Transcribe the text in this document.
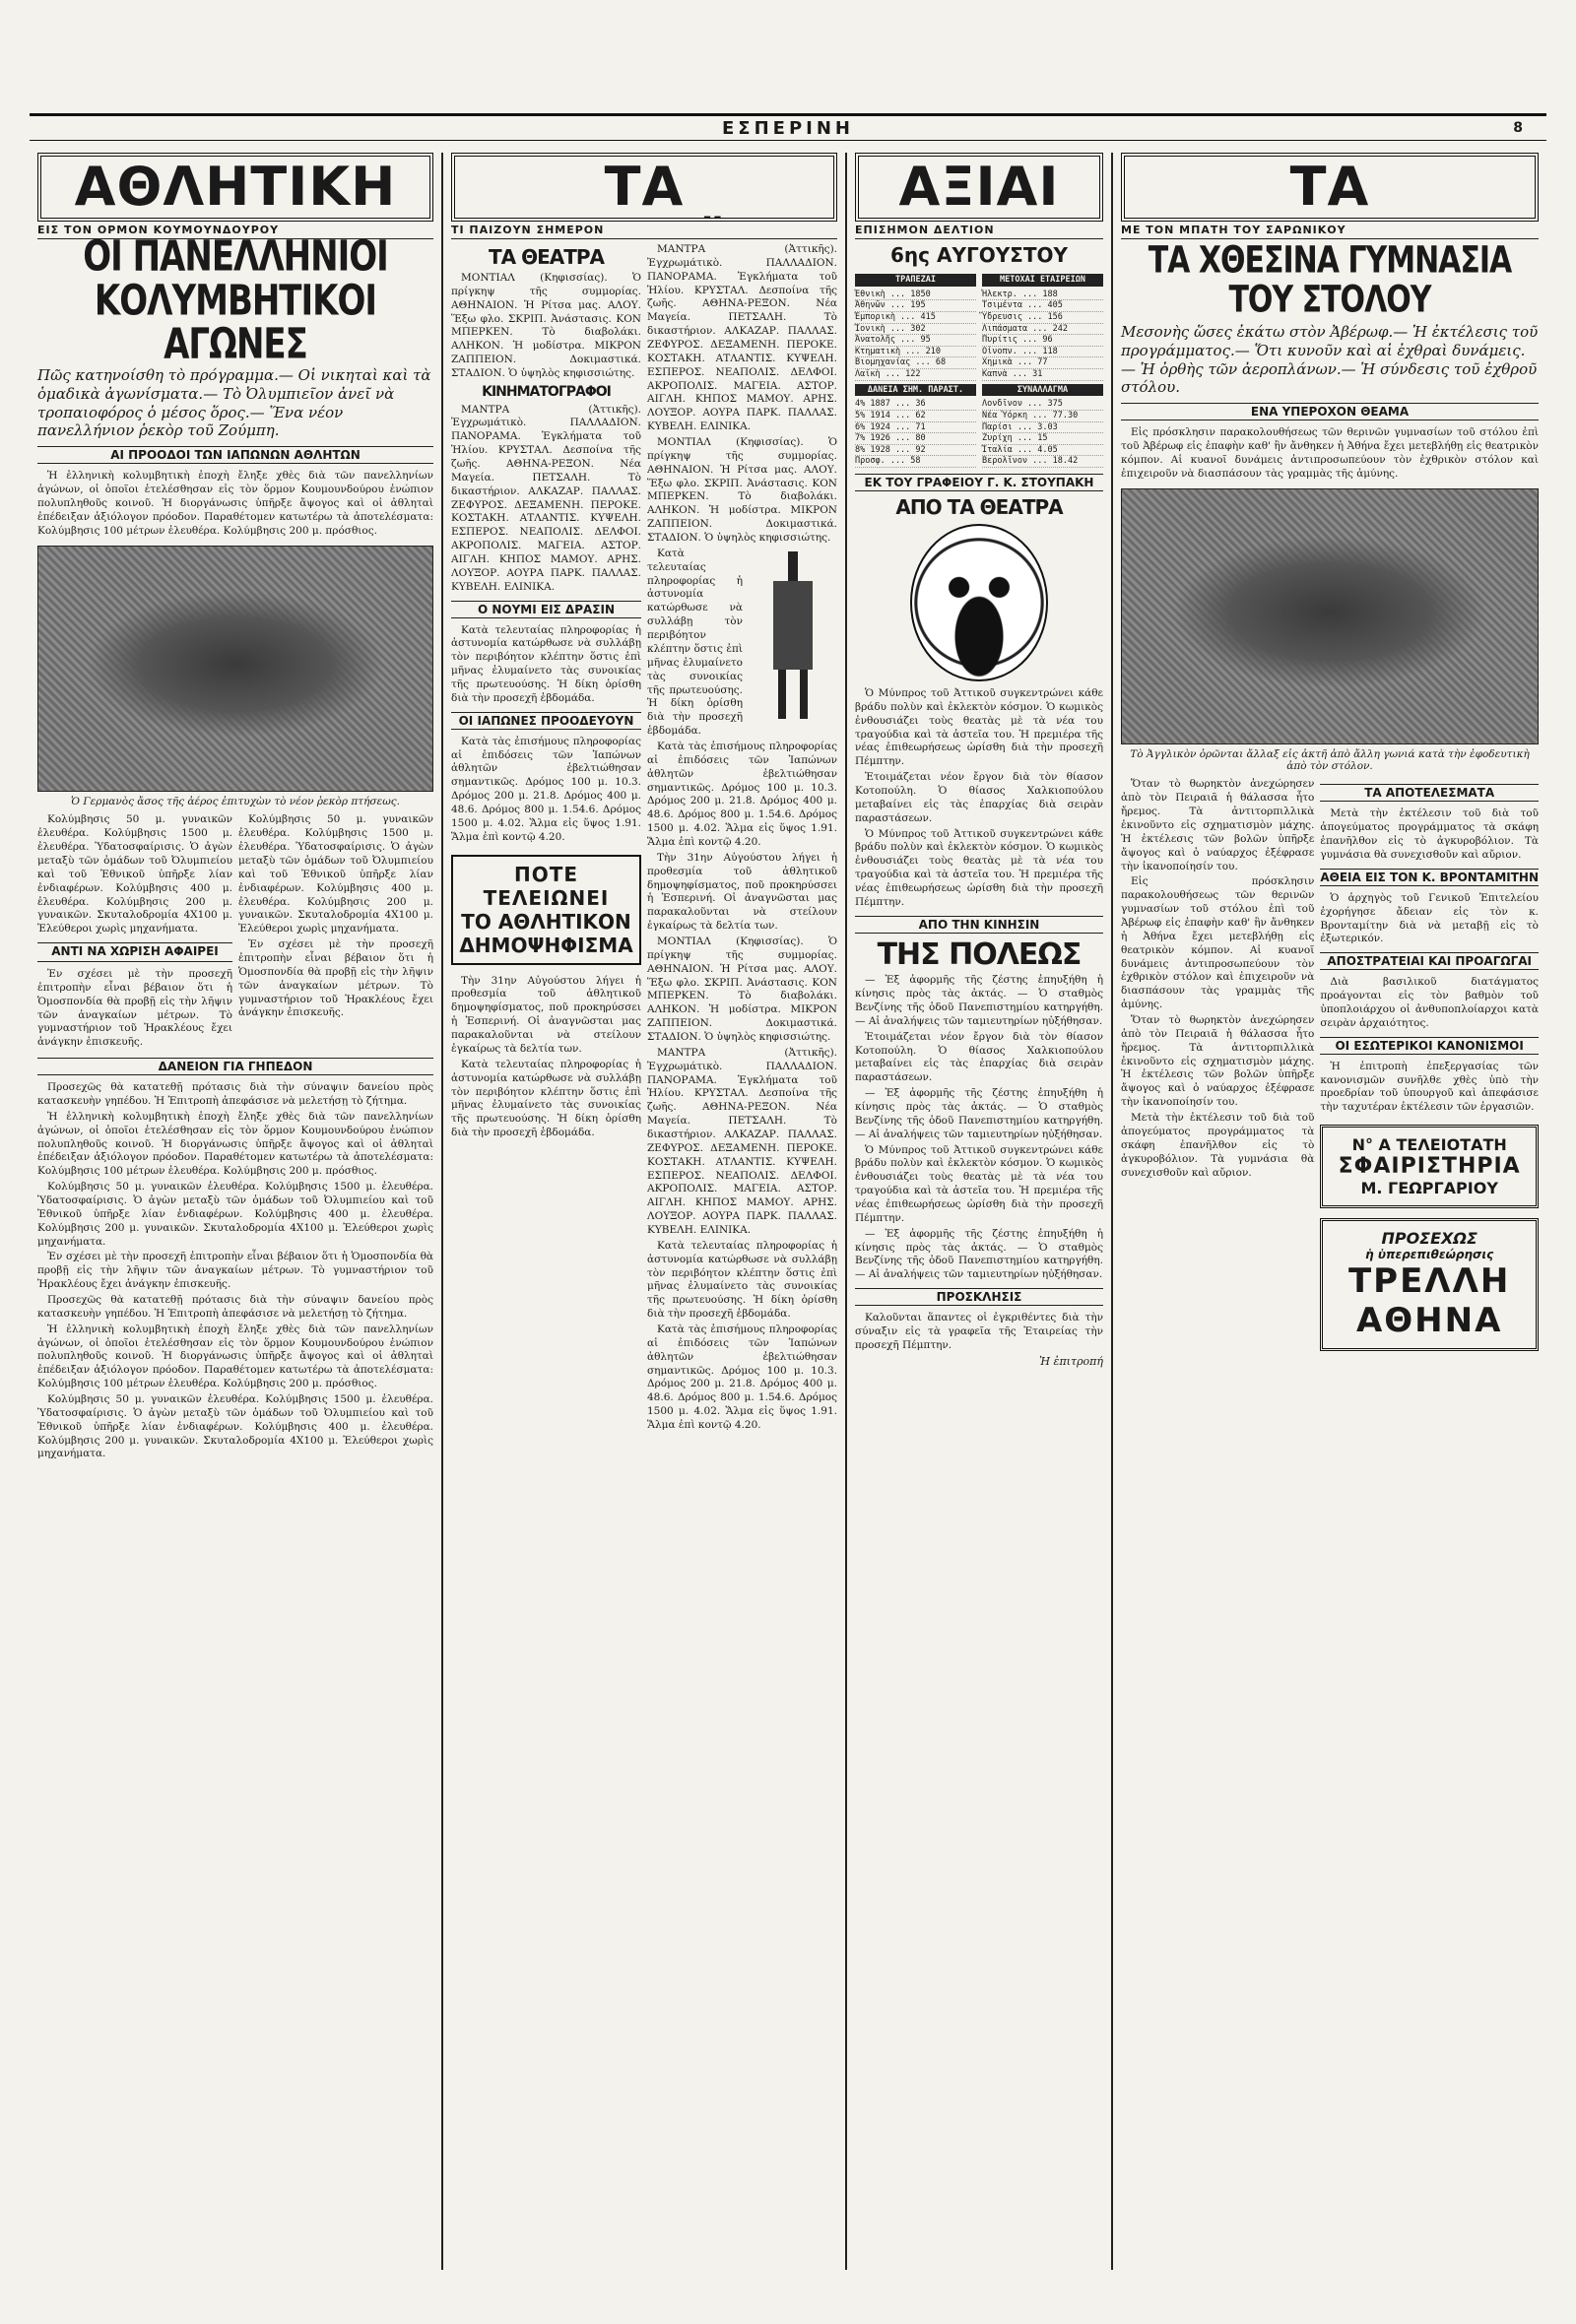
ΕΣΠΕΡΙΝΗ	8
ΑΘΛΗΤΙΚΗ
ΕΙΣ ΤΟΝ ΟΡΜΟΝ ΚΟΥΜΟΥΝΔΟΥΡΟΥ
ΟΙ ΠΑΝΕΛΛΗΝΙΟΙ ΚΟΛΥΜΒΗΤΙΚΟΙ ΑΓΩΝΕΣ
Πῶς κατηνοίσθη τὸ πρόγραμμα.— Οἱ νικηταὶ καὶ τὰ ὁμαδικὰ ἀγωνίσματα.— Τὸ Ὀλυμπιεῖον ἀνεῖ νὰ τροπαιοφόρος ὁ μέσος ὅρος.— Ἕνα νέον πανελλήνιον ῥεκὸρ τοῦ Ζούμπη.
ΑΙ ΠΡΟΟΔΟΙ ΤΩΝ ΙΑΠΩΝΩΝ ΑΘΛΗΤΩΝ

Ἡ ἑλληνικὴ κολυμβητικὴ ἐποχὴ ἔληξε χθὲς διὰ τῶν πανελληνίων ἀγώνων, οἱ ὁποῖοι ἐτελέσθησαν εἰς τὸν ὅρμον Κουμουνδούρου ἐνώπιον πολυπληθοῦς κοινοῦ. Ἡ διοργάνωσις ὑπῆρξε ἄψογος καὶ οἱ ἀθληταὶ ἐπέδειξαν ἀξιόλογον πρόοδον. Παραθέτομεν κατωτέρω τὰ ἀποτελέσματα: Κολύμβησις 100 μέτρων ἐλευθέρα. Κολύμβησις 200 μ. πρόσθιος.

Ὁ Γερμανὸς ἄσος τῆς ἀέρος ἐπιτυχὼν τὸ νέον ῥεκὸρ πτήσεως.

Κολύμβησις 50 μ. γυναικῶν ἐλευθέρα. Κολύμβησις 1500 μ. ἐλευθέρα. Ὑδατοσφαίρισις. Ὁ ἀγὼν μεταξὺ τῶν ὁμάδων τοῦ Ὀλυμπιείου καὶ τοῦ Ἐθνικοῦ ὑπῆρξε λίαν ἐνδιαφέρων. Κολύμβησις 400 μ. ἐλευθέρα. Κολύμβησις 200 μ. γυναικῶν. Σκυταλοδρομία 4Χ100 μ. Ἐλεύθεροι χωρὶς μηχανήματα.

ΑΝΤΙ ΝΑ ΧΩΡΙΣΗ ΑΦΑΙΡΕΙ

Ἐν σχέσει μὲ τὴν προσεχῆ ἐπιτροπὴν εἶναι βέβαιον ὅτι ἡ Ὁμοσπονδία θὰ προβῇ εἰς τὴν λῆψιν τῶν ἀναγκαίων μέτρων. Τὸ γυμναστήριον τοῦ Ἡρακλέους ἔχει ἀνάγκην ἐπισκευῆς.

Κολύμβησις 50 μ. γυναικῶν ἐλευθέρα. Κολύμβησις 1500 μ. ἐλευθέρα. Ὑδατοσφαίρισις. Ὁ ἀγὼν μεταξὺ τῶν ὁμάδων τοῦ Ὀλυμπιείου καὶ τοῦ Ἐθνικοῦ ὑπῆρξε λίαν ἐνδιαφέρων. Κολύμβησις 400 μ. ἐλευθέρα. Κολύμβησις 200 μ. γυναικῶν. Σκυταλοδρομία 4Χ100 μ. Ἐλεύθεροι χωρὶς μηχανήματα.

Ἐν σχέσει μὲ τὴν προσεχῆ ἐπιτροπὴν εἶναι βέβαιον ὅτι ἡ Ὁμοσπονδία θὰ προβῇ εἰς τὴν λῆψιν τῶν ἀναγκαίων μέτρων. Τὸ γυμναστήριον τοῦ Ἡρακλέους ἔχει ἀνάγκην ἐπισκευῆς.

ΔΑΝΕΙΟΝ ΓΙΑ ΓΗΠΕΔΟΝ

Προσεχῶς θὰ κατατεθῇ πρότασις διὰ τὴν σύναψιν δανείου πρὸς κατασκευὴν γηπέδου. Ἡ Ἐπιτροπὴ ἀπεφάσισε νὰ μελετήσῃ τὸ ζήτημα.

Ἡ ἑλληνικὴ κολυμβητικὴ ἐποχὴ ἔληξε χθὲς διὰ τῶν πανελληνίων ἀγώνων, οἱ ὁποῖοι ἐτελέσθησαν εἰς τὸν ὅρμον Κουμουνδούρου ἐνώπιον πολυπληθοῦς κοινοῦ. Ἡ διοργάνωσις ὑπῆρξε ἄψογος καὶ οἱ ἀθληταὶ ἐπέδειξαν ἀξιόλογον πρόοδον. Παραθέτομεν κατωτέρω τὰ ἀποτελέσματα: Κολύμβησις 100 μέτρων ἐλευθέρα. Κολύμβησις 200 μ. πρόσθιος.

Κολύμβησις 50 μ. γυναικῶν ἐλευθέρα. Κολύμβησις 1500 μ. ἐλευθέρα. Ὑδατοσφαίρισις. Ὁ ἀγὼν μεταξὺ τῶν ὁμάδων τοῦ Ὀλυμπιείου καὶ τοῦ Ἐθνικοῦ ὑπῆρξε λίαν ἐνδιαφέρων. Κολύμβησις 400 μ. ἐλευθέρα. Κολύμβησις 200 μ. γυναικῶν. Σκυταλοδρομία 4Χ100 μ. Ἐλεύθεροι χωρὶς μηχανήματα.

Ἐν σχέσει μὲ τὴν προσεχῆ ἐπιτροπὴν εἶναι βέβαιον ὅτι ἡ Ὁμοσπονδία θὰ προβῇ εἰς τὴν λῆψιν τῶν ἀναγκαίων μέτρων. Τὸ γυμναστήριον τοῦ Ἡρακλέους ἔχει ἀνάγκην ἐπισκευῆς.

Προσεχῶς θὰ κατατεθῇ πρότασις διὰ τὴν σύναψιν δανείου πρὸς κατασκευὴν γηπέδου. Ἡ Ἐπιτροπὴ ἀπεφάσισε νὰ μελετήσῃ τὸ ζήτημα.

Ἡ ἑλληνικὴ κολυμβητικὴ ἐποχὴ ἔληξε χθὲς διὰ τῶν πανελληνίων ἀγώνων, οἱ ὁποῖοι ἐτελέσθησαν εἰς τὸν ὅρμον Κουμουνδούρου ἐνώπιον πολυπληθοῦς κοινοῦ. Ἡ διοργάνωσις ὑπῆρξε ἄψογος καὶ οἱ ἀθληταὶ ἐπέδειξαν ἀξιόλογον πρόοδον. Παραθέτομεν κατωτέρω τὰ ἀποτελέσματα: Κολύμβησις 100 μέτρων ἐλευθέρα. Κολύμβησις 200 μ. πρόσθιος.

Κολύμβησις 50 μ. γυναικῶν ἐλευθέρα. Κολύμβησις 1500 μ. ἐλευθέρα. Ὑδατοσφαίρισις. Ὁ ἀγὼν μεταξὺ τῶν ὁμάδων τοῦ Ὀλυμπιείου καὶ τοῦ Ἐθνικοῦ ὑπῆρξε λίαν ἐνδιαφέρων. Κολύμβησις 400 μ. ἐλευθέρα. Κολύμβησις 200 μ. γυναικῶν. Σκυταλοδρομία 4Χ100 μ. Ἐλεύθεροι χωρὶς μηχανήματα.

ΤΑ
ΤΙ ΠΑΙΖΟΥΝ ΣΗΜΕΡΟΝ
ΤΑ ΘΕΑΤΡΑ

ΜΟΝΤΙΑΛ (Κηφισσίας). Ὁ πρίγκηψ τῆς συμμορίας. ΑΘΗΝΑΙΟΝ. Ἡ Ρίτσα μας. ΑΛΟΥ. Ἕξω φλο. ΣΚΡΙΠ. Ἀνάστασις. ΚΟΝ ΜΠΕΡΚΕΝ. Τὸ διαβολάκι. ΑΛΗΚΟΝ. Ἡ μοδίστρα. ΜΙΚΡΟΝ ΖΑΠΠΕΙΟΝ. Δοκιμαστικά. ΣΤΑΔΙΟΝ. Ὁ ὑψηλὸς κηφισσιώτης.

ΚΙΝΗΜΑΤΟΓΡΑΦΟΙ

ΜΑΝΤΡΑ (Ἀττικῆς). Ἐγχρωμάτικὸ. ΠΑΛΛΑΔΙΟΝ. ΠΑΝΟΡΑΜΑ. Ἐγκλήματα τοῦ Ἡλίου. ΚΡΥΣΤΑΛ. Δεσποίνα τῆς ζωῆς. ΑΘΗΝΑ-ΡΕΞΟΝ. Νέα Μαγεία. ΠΕΤΣΑΛΗ. Τὸ δικαστήριον. ΑΛΚΑΖΑΡ. ΠΑΛΛΑΣ. ΖΕΦΥΡΟΣ. ΔΕΞΑΜΕΝΗ. ΠΕΡΟΚΕ. ΚΟΣΤΑΚΗ. ΑΤΛΑΝΤΙΣ. ΚΥΨΕΛΗ. ΕΣΠΕΡΟΣ. ΝΕΑΠΟΛΙΣ. ΔΕΛΦΟΙ. ΑΚΡΟΠΟΛΙΣ. ΜΑΓΕΙΑ. ΑΣΤΟΡ. ΑΙΓΛΗ. ΚΗΠΟΣ ΜΑΜΟΥ. ΑΡΗΣ. ΛΟΥΞΟΡ. ΑΟΥΡΑ ΠΑΡΚ. ΠΑΛΛΑΣ. ΚΥΒΕΛΗ. ΕΛΙΝΙΚΑ.

Ο ΝΟΥΜΙ ΕΙΣ ΔΡΑΣΙΝ

Κατὰ τελευταίας πληροφορίας ἡ ἀστυνομία κατώρθωσε νὰ συλλάβῃ τὸν περιβόητον κλέπτην ὅστις ἐπὶ μῆνας ἐλυμαίνετο τὰς συνοικίας τῆς πρωτευούσης. Ἡ δίκη ὁρίσθη διὰ τὴν προσεχῆ ἑβδομάδα.

ΟΙ ΙΑΠΩΝΕΣ ΠΡΟΟΔΕΥΟΥΝ

Κατὰ τὰς ἐπισήμους πληροφορίας αἱ ἐπιδόσεις τῶν Ἰαπώνων ἀθλητῶν ἐβελτιώθησαν σημαντικῶς. Δρόμος 100 μ. 10.3. Δρόμος 200 μ. 21.8. Δρόμος 400 μ. 48.6. Δρόμος 800 μ. 1.54.6. Δρόμος 1500 μ. 4.02. Ἅλμα εἰς ὕψος 1.91. Ἅλμα ἐπὶ κοντῷ 4.20.

ΠΟΤΕ ΤΕΛΕΙΩΝΕΙ
ΤΟ ΑΘΛΗΤΙΚΟΝ
ΔΗΜΟΨΗΦΙΣΜΑ

Τὴν 31ην Αὐγούστου λήγει ἡ προθεσμία τοῦ ἀθλητικοῦ δημοψηφίσματος, ποῦ προκηρύσσει ἡ Ἐσπερινή. Οἱ ἀναγνῶσται μας παρακαλοῦνται νὰ στείλουν ἐγκαίρως τὰ δελτία των.

Κατὰ τελευταίας πληροφορίας ἡ ἀστυνομία κατώρθωσε νὰ συλλάβῃ τὸν περιβόητον κλέπτην ὅστις ἐπὶ μῆνας ἐλυμαίνετο τὰς συνοικίας τῆς πρωτευούσης. Ἡ δίκη ὁρίσθη διὰ τὴν προσεχῆ ἑβδομάδα.

ΜΑΝΤΡΑ (Ἀττικῆς). Ἐγχρωμάτικὸ. ΠΑΛΛΑΔΙΟΝ. ΠΑΝΟΡΑΜΑ. Ἐγκλήματα τοῦ Ἡλίου. ΚΡΥΣΤΑΛ. Δεσποίνα τῆς ζωῆς. ΑΘΗΝΑ-ΡΕΞΟΝ. Νέα Μαγεία. ΠΕΤΣΑΛΗ. Τὸ δικαστήριον. ΑΛΚΑΖΑΡ. ΠΑΛΛΑΣ. ΖΕΦΥΡΟΣ. ΔΕΞΑΜΕΝΗ. ΠΕΡΟΚΕ. ΚΟΣΤΑΚΗ. ΑΤΛΑΝΤΙΣ. ΚΥΨΕΛΗ. ΕΣΠΕΡΟΣ. ΝΕΑΠΟΛΙΣ. ΔΕΛΦΟΙ. ΑΚΡΟΠΟΛΙΣ. ΜΑΓΕΙΑ. ΑΣΤΟΡ. ΑΙΓΛΗ. ΚΗΠΟΣ ΜΑΜΟΥ. ΑΡΗΣ. ΛΟΥΞΟΡ. ΑΟΥΡΑ ΠΑΡΚ. ΠΑΛΛΑΣ. ΚΥΒΕΛΗ. ΕΛΙΝΙΚΑ.

ΜΟΝΤΙΑΛ (Κηφισσίας). Ὁ πρίγκηψ τῆς συμμορίας. ΑΘΗΝΑΙΟΝ. Ἡ Ρίτσα μας. ΑΛΟΥ. Ἕξω φλο. ΣΚΡΙΠ. Ἀνάστασις. ΚΟΝ ΜΠΕΡΚΕΝ. Τὸ διαβολάκι. ΑΛΗΚΟΝ. Ἡ μοδίστρα. ΜΙΚΡΟΝ ΖΑΠΠΕΙΟΝ. Δοκιμαστικά. ΣΤΑΔΙΟΝ. Ὁ ὑψηλὸς κηφισσιώτης.

Κατὰ τελευταίας πληροφορίας ἡ ἀστυνομία κατώρθωσε νὰ συλλάβῃ τὸν περιβόητον κλέπτην ὅστις ἐπὶ μῆνας ἐλυμαίνετο τὰς συνοικίας τῆς πρωτευούσης. Ἡ δίκη ὁρίσθη διὰ τὴν προσεχῆ ἑβδομάδα.

Κατὰ τὰς ἐπισήμους πληροφορίας αἱ ἐπιδόσεις τῶν Ἰαπώνων ἀθλητῶν ἐβελτιώθησαν σημαντικῶς. Δρόμος 100 μ. 10.3. Δρόμος 200 μ. 21.8. Δρόμος 400 μ. 48.6. Δρόμος 800 μ. 1.54.6. Δρόμος 1500 μ. 4.02. Ἅλμα εἰς ὕψος 1.91. Ἅλμα ἐπὶ κοντῷ 4.20.

Τὴν 31ην Αὐγούστου λήγει ἡ προθεσμία τοῦ ἀθλητικοῦ δημοψηφίσματος, ποῦ προκηρύσσει ἡ Ἐσπερινή. Οἱ ἀναγνῶσται μας παρακαλοῦνται νὰ στείλουν ἐγκαίρως τὰ δελτία των.

ΜΟΝΤΙΑΛ (Κηφισσίας). Ὁ πρίγκηψ τῆς συμμορίας. ΑΘΗΝΑΙΟΝ. Ἡ Ρίτσα μας. ΑΛΟΥ. Ἕξω φλο. ΣΚΡΙΠ. Ἀνάστασις. ΚΟΝ ΜΠΕΡΚΕΝ. Τὸ διαβολάκι. ΑΛΗΚΟΝ. Ἡ μοδίστρα. ΜΙΚΡΟΝ ΖΑΠΠΕΙΟΝ. Δοκιμαστικά. ΣΤΑΔΙΟΝ. Ὁ ὑψηλὸς κηφισσιώτης.

ΜΑΝΤΡΑ (Ἀττικῆς). Ἐγχρωμάτικὸ. ΠΑΛΛΑΔΙΟΝ. ΠΑΝΟΡΑΜΑ. Ἐγκλήματα τοῦ Ἡλίου. ΚΡΥΣΤΑΛ. Δεσποίνα τῆς ζωῆς. ΑΘΗΝΑ-ΡΕΞΟΝ. Νέα Μαγεία. ΠΕΤΣΑΛΗ. Τὸ δικαστήριον. ΑΛΚΑΖΑΡ. ΠΑΛΛΑΣ. ΖΕΦΥΡΟΣ. ΔΕΞΑΜΕΝΗ. ΠΕΡΟΚΕ. ΚΟΣΤΑΚΗ. ΑΤΛΑΝΤΙΣ. ΚΥΨΕΛΗ. ΕΣΠΕΡΟΣ. ΝΕΑΠΟΛΙΣ. ΔΕΛΦΟΙ. ΑΚΡΟΠΟΛΙΣ. ΜΑΓΕΙΑ. ΑΣΤΟΡ. ΑΙΓΛΗ. ΚΗΠΟΣ ΜΑΜΟΥ. ΑΡΗΣ. ΛΟΥΞΟΡ. ΑΟΥΡΑ ΠΑΡΚ. ΠΑΛΛΑΣ. ΚΥΒΕΛΗ. ΕΛΙΝΙΚΑ.

Κατὰ τελευταίας πληροφορίας ἡ ἀστυνομία κατώρθωσε νὰ συλλάβῃ τὸν περιβόητον κλέπτην ὅστις ἐπὶ μῆνας ἐλυμαίνετο τὰς συνοικίας τῆς πρωτευούσης. Ἡ δίκη ὁρίσθη διὰ τὴν προσεχῆ ἑβδομάδα.

Κατὰ τὰς ἐπισήμους πληροφορίας αἱ ἐπιδόσεις τῶν Ἰαπώνων ἀθλητῶν ἐβελτιώθησαν σημαντικῶς. Δρόμος 100 μ. 10.3. Δρόμος 200 μ. 21.8. Δρόμος 400 μ. 48.6. Δρόμος 800 μ. 1.54.6. Δρόμος 1500 μ. 4.02. Ἅλμα εἰς ὕψος 1.91. Ἅλμα ἐπὶ κοντῷ 4.20.

ΑΞΙΑΙ
ΕΠΙΣΗΜΟΝ ΔΕΛΤΙΟΝ
6ης ΑΥΓΟΥΣΤΟΥ
ΤΡΑΠΕΖΑΙ
Ἐθνικὴ ... 1850
Ἀθηνῶν ... 195
Ἐμπορικὴ ... 415
Ἰονικὴ ... 302
Ἀνατολῆς ... 95
Κτηματικὴ ... 210
Βιομηχανίας ... 68
Λαϊκὴ ... 122
ΔΑΝΕΙΑ ΣΗΜ. ΠΑΡΑΣΤ.
4% 1887 ... 36
5% 1914 ... 62
6% 1924 ... 71
7% 1926 ... 80
8% 1928 ... 92
Προσφ. ... 58
ΜΕΤΟΧΑΙ ΕΤΑΙΡΕΙΩΝ
Ἠλεκτρ. ... 188
Τσιμέντα ... 405
Ὕδρευσις ... 156
Λιπάσματα ... 242
Πυρίτις ... 96
Οἰνοπν. ... 118
Χημικὰ ... 77
Καπνὰ ... 31
ΣΥΝΑΛΛΑΓΜΑ
Λονδῖνον ... 375
Νέα Ὑόρκη ... 77.30
Παρίσι ... 3.03
Ζυρίχη ... 15
Ἰταλία ... 4.05
Βερολῖνον ... 18.42
ΕΚ ΤΟΥ ΓΡΑΦΕΙΟΥ Γ. Κ. ΣΤΟΥΠΑΚΗ
ΑΠΟ ΤΑ ΘΕΑΤΡΑ

Ὁ Μύνπρος τοῦ Ἀττικοῦ συγκεντρώνει κάθε βράδυ πολὺν καὶ ἐκλεκτὸν κόσμον. Ὁ κωμικὸς ἐνθουσιάζει τοὺς θεατὰς μὲ τὰ νέα του τραγούδια καὶ τὰ ἀστεῖα του. Ἡ πρεμιέρα τῆς νέας ἐπιθεωρήσεως ὡρίσθη διὰ τὴν προσεχῆ Πέμπτην.

Ἐτοιμάζεται νέον ἔργον διὰ τὸν θίασον Κοτοπούλη. Ὁ θίασος Χαλκιοπούλου μεταβαίνει εἰς τὰς ἐπαρχίας διὰ σειρὰν παραστάσεων.

Ὁ Μύνπρος τοῦ Ἀττικοῦ συγκεντρώνει κάθε βράδυ πολὺν καὶ ἐκλεκτὸν κόσμον. Ὁ κωμικὸς ἐνθουσιάζει τοὺς θεατὰς μὲ τὰ νέα του τραγούδια καὶ τὰ ἀστεῖα του. Ἡ πρεμιέρα τῆς νέας ἐπιθεωρήσεως ὡρίσθη διὰ τὴν προσεχῆ Πέμπτην.

ΑΠΟ ΤΗΝ ΚΙΝΗΣΙΝ
ΤΗΣ ΠΟΛΕΩΣ

— Ἐξ ἀφορμῆς τῆς ζέστης ἐπηυξήθη ἡ κίνησις πρὸς τὰς ἀκτάς. — Ὁ σταθμὸς Βενζίνης τῆς ὁδοῦ Πανεπιστημίου κατηργήθη. — Αἱ ἀναλήψεις τῶν ταμιευτηρίων ηὐξήθησαν.

Ἐτοιμάζεται νέον ἔργον διὰ τὸν θίασον Κοτοπούλη. Ὁ θίασος Χαλκιοπούλου μεταβαίνει εἰς τὰς ἐπαρχίας διὰ σειρὰν παραστάσεων.

— Ἐξ ἀφορμῆς τῆς ζέστης ἐπηυξήθη ἡ κίνησις πρὸς τὰς ἀκτάς. — Ὁ σταθμὸς Βενζίνης τῆς ὁδοῦ Πανεπιστημίου κατηργήθη. — Αἱ ἀναλήψεις τῶν ταμιευτηρίων ηὐξήθησαν.

Ὁ Μύνπρος τοῦ Ἀττικοῦ συγκεντρώνει κάθε βράδυ πολὺν καὶ ἐκλεκτὸν κόσμον. Ὁ κωμικὸς ἐνθουσιάζει τοὺς θεατὰς μὲ τὰ νέα του τραγούδια καὶ τὰ ἀστεῖα του. Ἡ πρεμιέρα τῆς νέας ἐπιθεωρήσεως ὡρίσθη διὰ τὴν προσεχῆ Πέμπτην.

— Ἐξ ἀφορμῆς τῆς ζέστης ἐπηυξήθη ἡ κίνησις πρὸς τὰς ἀκτάς. — Ὁ σταθμὸς Βενζίνης τῆς ὁδοῦ Πανεπιστημίου κατηργήθη. — Αἱ ἀναλήψεις τῶν ταμιευτηρίων ηὐξήθησαν.

ΠΡΟΣΚΛΗΣΙΣ

Καλοῦνται ἅπαντες οἱ ἐγκριθέντες διὰ τὴν σύναξιν εἰς τὰ γραφεῖα τῆς Ἑταιρείας τὴν προσεχῆ Πέμπτην.

Ἡ ἐπιτροπή
ΤΑ
ΜΕ ΤΟΝ ΜΠΑΤΗ ΤΟΥ ΣΑΡΩΝΙΚΟΥ
ΤΑ ΧΘΕΣΙΝΑ ΓΥΜΝΑΣΙΑ ΤΟΥ ΣΤΟΛΟΥ
Μεσονὴς ὥσες ἐκάτω στὸν Ἀβέρωφ.— Ἡ ἐκτέλεσις τοῦ προγράμματος.— Ὅτι κυνοῦν καὶ αἱ ἐχθραὶ δυνάμεις.— Ἡ ὀρθὴς τῶν ἀεροπλάνων.— Ἡ σύνδεσις τοῦ ἐχθροῦ στόλου.
ΕΝΑ ΥΠΕΡΟΧΟΝ ΘΕΑΜΑ

Εἰς πρόσκλησιν παρακολουθήσεως τῶν θερινῶν γυμνασίων τοῦ στόλου ἐπὶ τοῦ Ἀβέρωφ εἰς ἐπαφὴν καθ' ἣν ἄνθηκεν ἡ Ἀθήνα ἔχει μετεβλήθῃ εἰς θεατρικὸν κόμπον. Αἱ κυανοῖ δυνάμεις ἀντιπροσωπεύουν τὸν ἐχθρικὸν στόλον καὶ ἐπιχειροῦν νὰ διασπάσουν τὰς γραμμὰς τῆς ἀμύνης.

Τὸ Ἀγγλικὸν ὁρῶνται ἄλλαξ εἰς ἀκτῆ ἀπὸ ἄλλη γωνιά κατὰ τὴν ἐφοδευτικὴ ἀπὸ τὸν στόλον.

Ὅταν τὸ θωρηκτὸν ἀνεχώρησεν ἀπὸ τὸν Πειραιᾶ ἡ θάλασσα ἦτο ἤρεμος. Τὰ ἀντιτορπιλλικὰ ἐκινοῦντο εἰς σχηματισμὸν μάχης. Ἡ ἐκτέλεσις τῶν βολῶν ὑπῆρξε ἄψογος καὶ ὁ ναύαρχος ἐξέφρασε τὴν ἱκανοποίησίν του.

Εἰς πρόσκλησιν παρακολουθήσεως τῶν θερινῶν γυμνασίων τοῦ στόλου ἐπὶ τοῦ Ἀβέρωφ εἰς ἐπαφὴν καθ' ἣν ἄνθηκεν ἡ Ἀθήνα ἔχει μετεβλήθῃ εἰς θεατρικὸν κόμπον. Αἱ κυανοῖ δυνάμεις ἀντιπροσωπεύουν τὸν ἐχθρικὸν στόλον καὶ ἐπιχειροῦν νὰ διασπάσουν τὰς γραμμὰς τῆς ἀμύνης.

Ὅταν τὸ θωρηκτὸν ἀνεχώρησεν ἀπὸ τὸν Πειραιᾶ ἡ θάλασσα ἦτο ἤρεμος. Τὰ ἀντιτορπιλλικὰ ἐκινοῦντο εἰς σχηματισμὸν μάχης. Ἡ ἐκτέλεσις τῶν βολῶν ὑπῆρξε ἄψογος καὶ ὁ ναύαρχος ἐξέφρασε τὴν ἱκανοποίησίν του.

Μετὰ τὴν ἐκτέλεσιν τοῦ διὰ τοῦ ἀπογεύματος προγράμματος τὰ σκάφη ἐπανῆλθον εἰς τὸ ἀγκυροβόλιον. Τὰ γυμνάσια θὰ συνεχισθοῦν καὶ αὔριον.

ΤΑ ΑΠΟΤΕΛΕΣΜΑΤΑ

Μετὰ τὴν ἐκτέλεσιν τοῦ διὰ τοῦ ἀπογεύματος προγράμματος τὰ σκάφη ἐπανῆλθον εἰς τὸ ἀγκυροβόλιον. Τὰ γυμνάσια θὰ συνεχισθοῦν καὶ αὔριον.

ΑΘΕΙΑ ΕΙΣ ΤΟΝ Κ. ΒΡΟΝΤΑΜΙΤΗΝ

Ὁ ἀρχηγὸς τοῦ Γενικοῦ Ἐπιτελείου ἐχορήγησε ἄδειαν εἰς τὸν κ. Βρονταμίτην διὰ νὰ μεταβῇ εἰς τὸ ἐξωτερικόν.

ΑΠΟΣΤΡΑΤΕΙΑΙ ΚΑΙ ΠΡΟΑΓΩΓΑΙ

Διὰ βασιλικοῦ διατάγματος προάγονται εἰς τὸν βαθμὸν τοῦ ὑποπλοιάρχου οἱ ἀνθυποπλοίαρχοι κατὰ σειρὰν ἀρχαιότητος.

ΟΙ ΕΣΩΤΕΡΙΚΟΙ ΚΑΝΟΝΙΣΜΟΙ

Ἡ ἐπιτροπὴ ἐπεξεργασίας τῶν κανονισμῶν συνῆλθε χθὲς ὑπὸ τὴν προεδρίαν τοῦ ὑπουργοῦ καὶ ἀπεφάσισε τὴν ταχυτέραν ἐκτέλεσιν τῶν ἐργασιῶν.

Ν° Α ΤΕΛΕΙΟΤΑΤΗ
ΣΦΑΙΡΙΣΤΗΡΙΑ
Μ. ΓΕΩΡΓΑΡΙΟΥ
ΠΡΟΣΕΧΩΣ
ἡ ὑπερεπιθεώρησις
ΤΡΕΛΛΗ ΑΘΗΝΑ
